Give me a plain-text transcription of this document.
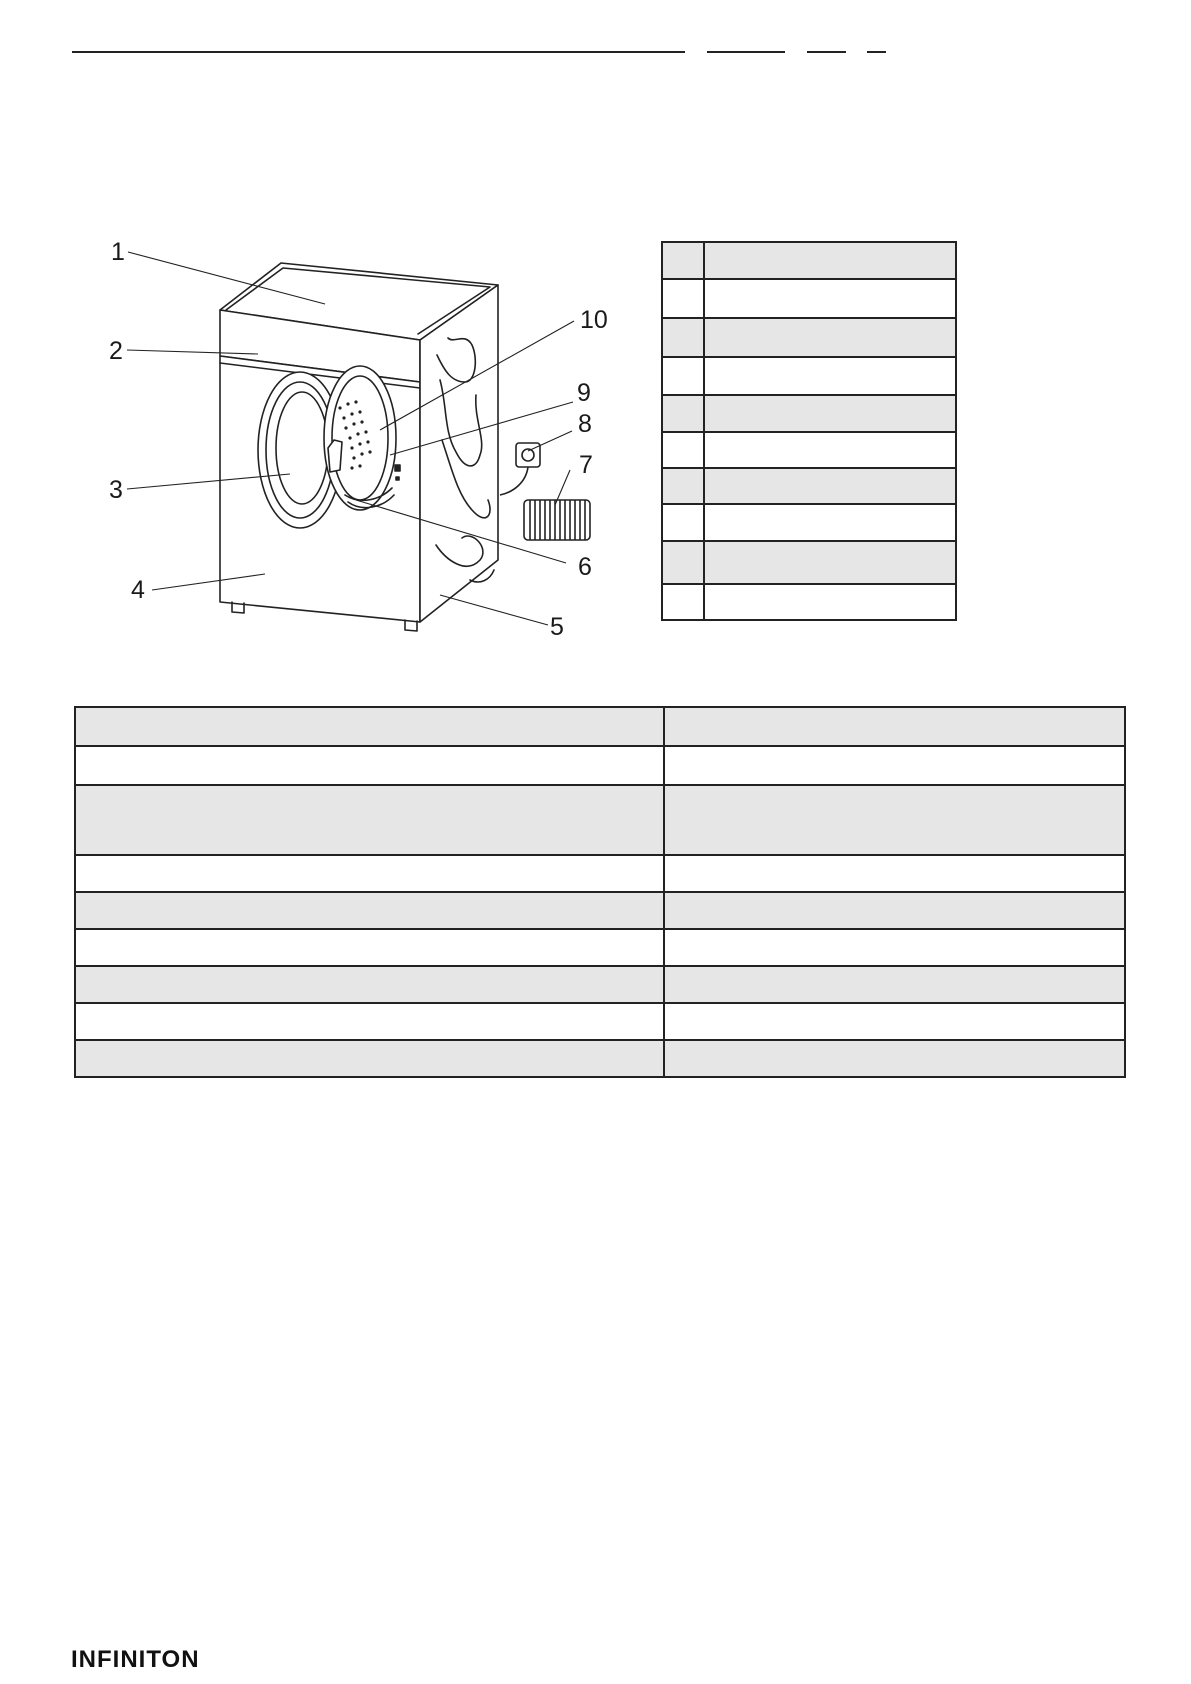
1
2
3
4
5
6
7
8
9
10

INFINITON
